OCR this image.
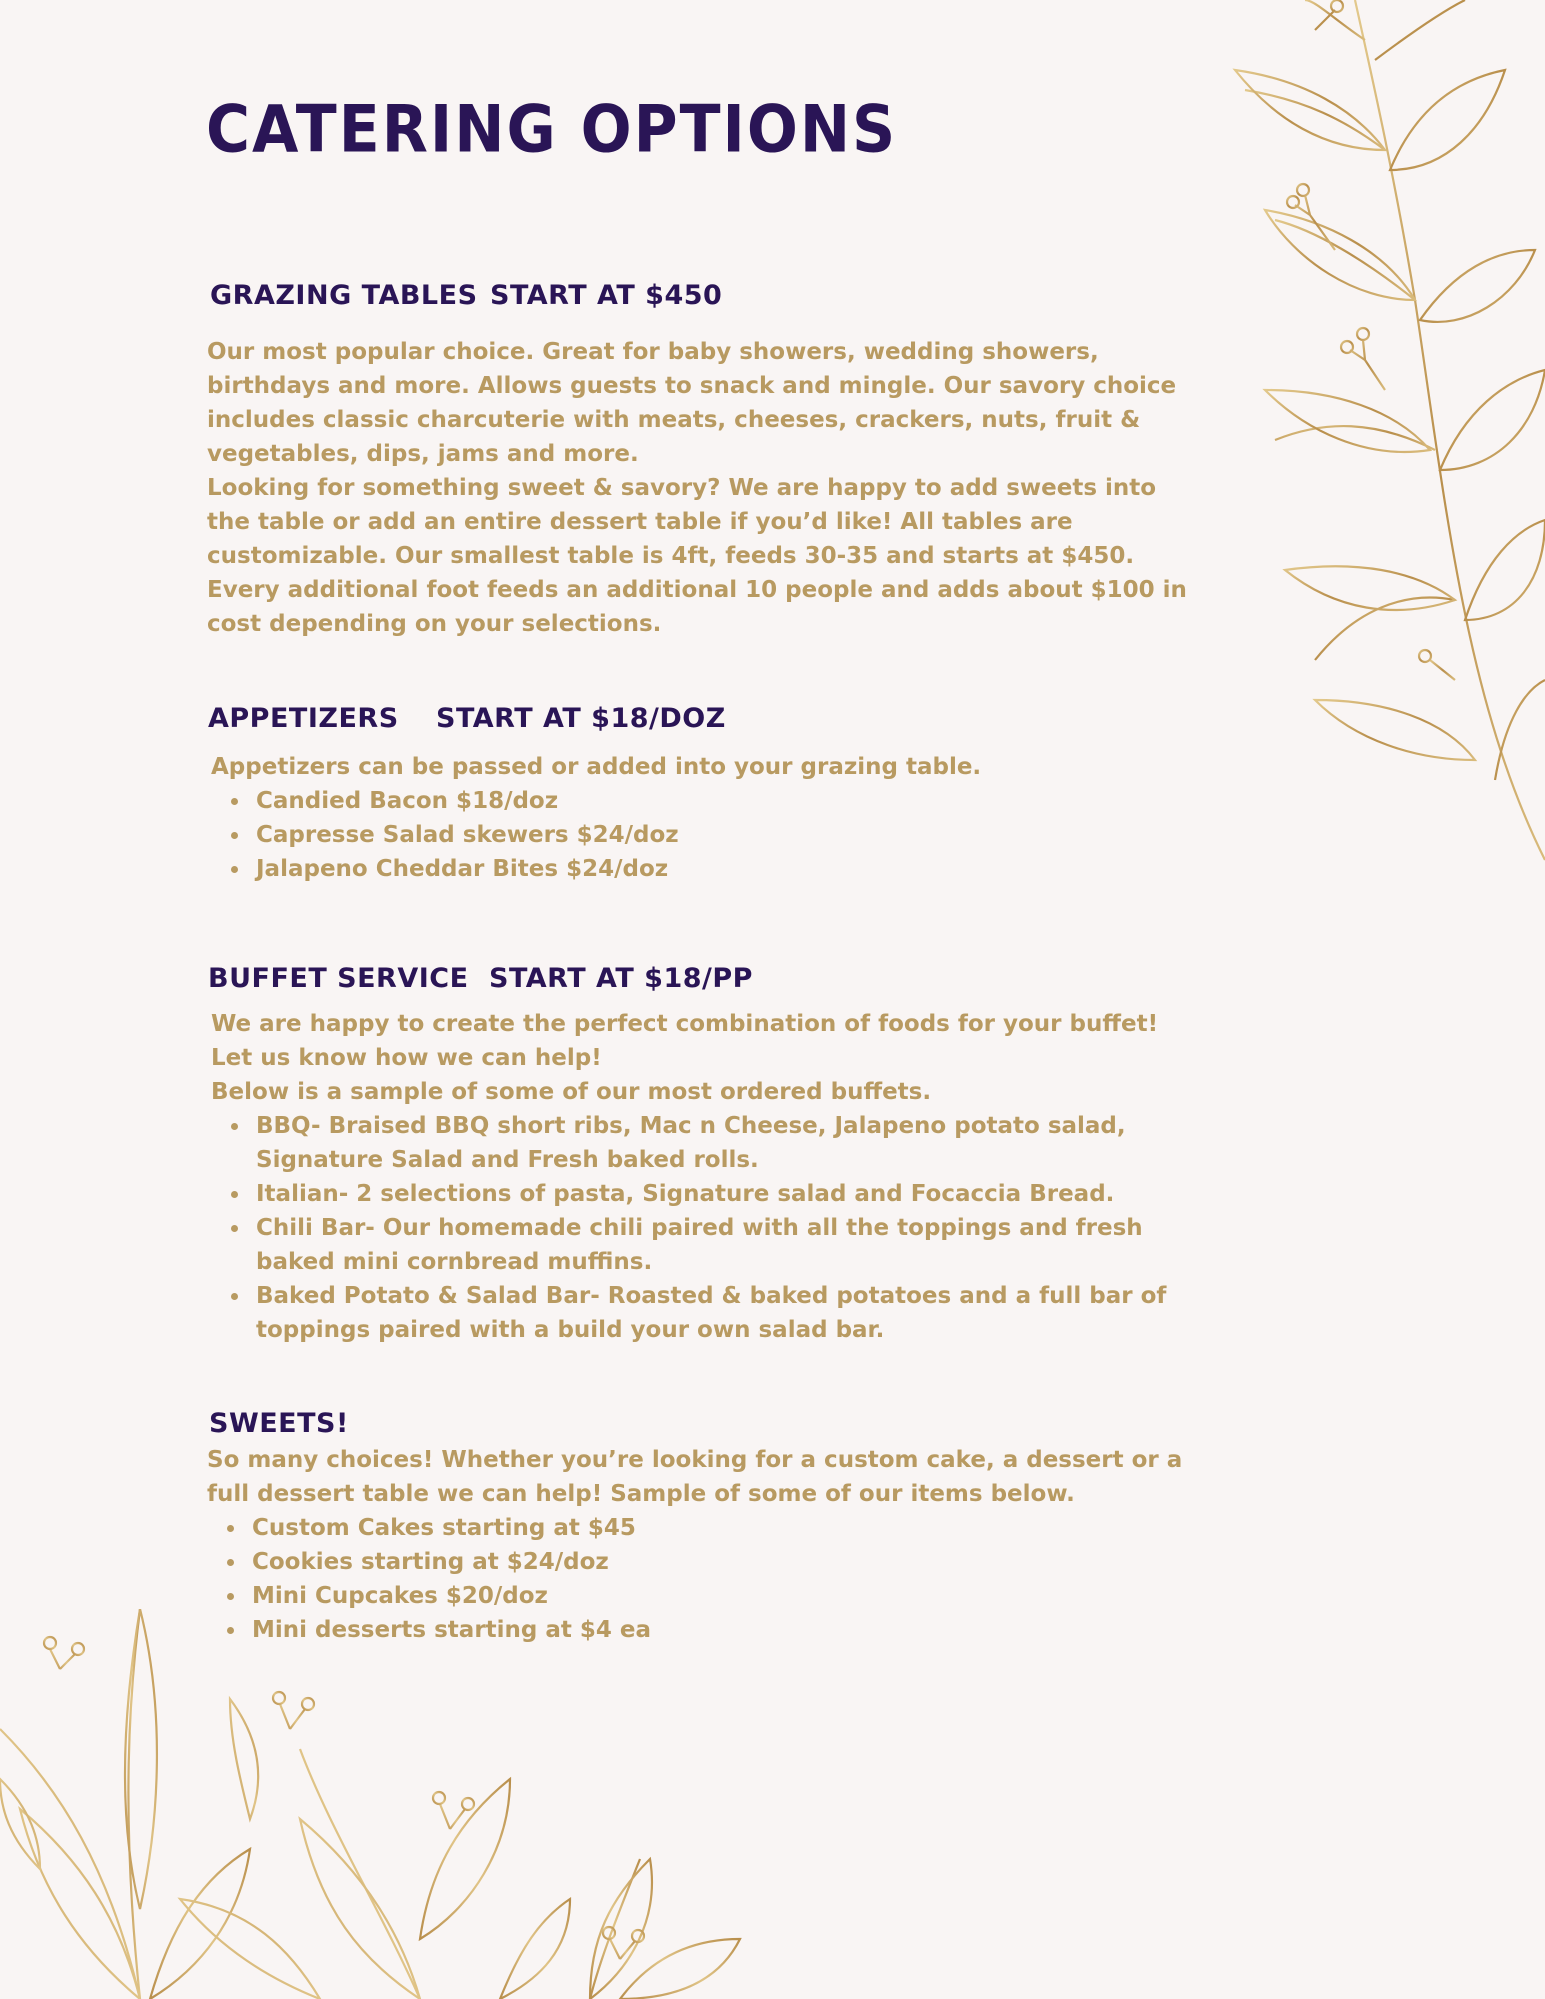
CATERING OPTIONS
GRAZING TABLES START AT $450

Our most popular choice. Great for baby showers, wedding showers, birthdays and more. Allows guests to snack and mingle. Our savory choice includes classic charcuterie with meats, cheeses, crackers, nuts, fruit & vegetables, dips, jams and more.

Looking for something sweet & savory? We are happy to add sweets into the table or add an entire dessert table if you’d like! All tables are customizable. Our smallest table is 4ft, feeds 30-35 and starts at $450. Every additional foot feeds an additional 10 people and adds about $100 in cost depending on your selections.

APPETIZERS START AT $18/DOZ

Appetizers can be passed or added into your grazing table.

Candied Bacon $18/doz
Capresse Salad skewers $24/doz
Jalapeno Cheddar Bites $24/doz
BUFFET SERVICE START AT $18/PP

We are happy to create the perfect combination of foods for your buffet!

Let us know how we can help!

Below is a sample of some of our most ordered buffets.

BBQ- Braised BBQ short ribs, Mac n Cheese, Jalapeno potato salad, Signature Salad and Fresh baked rolls.
Italian- 2 selections of pasta, Signature salad and Focaccia Bread.
Chili Bar- Our homemade chili paired with all the toppings and fresh baked mini cornbread muffins.
Baked Potato & Salad Bar- Roasted & baked potatoes and a full bar of toppings paired with a build your own salad bar.
SWEETS!

So many choices! Whether you’re looking for a custom cake, a dessert or a full dessert table we can help! Sample of some of our items below.

Custom Cakes starting at $45
Cookies starting at $24/doz
Mini Cupcakes $20/doz
Mini desserts starting at $4 ea
